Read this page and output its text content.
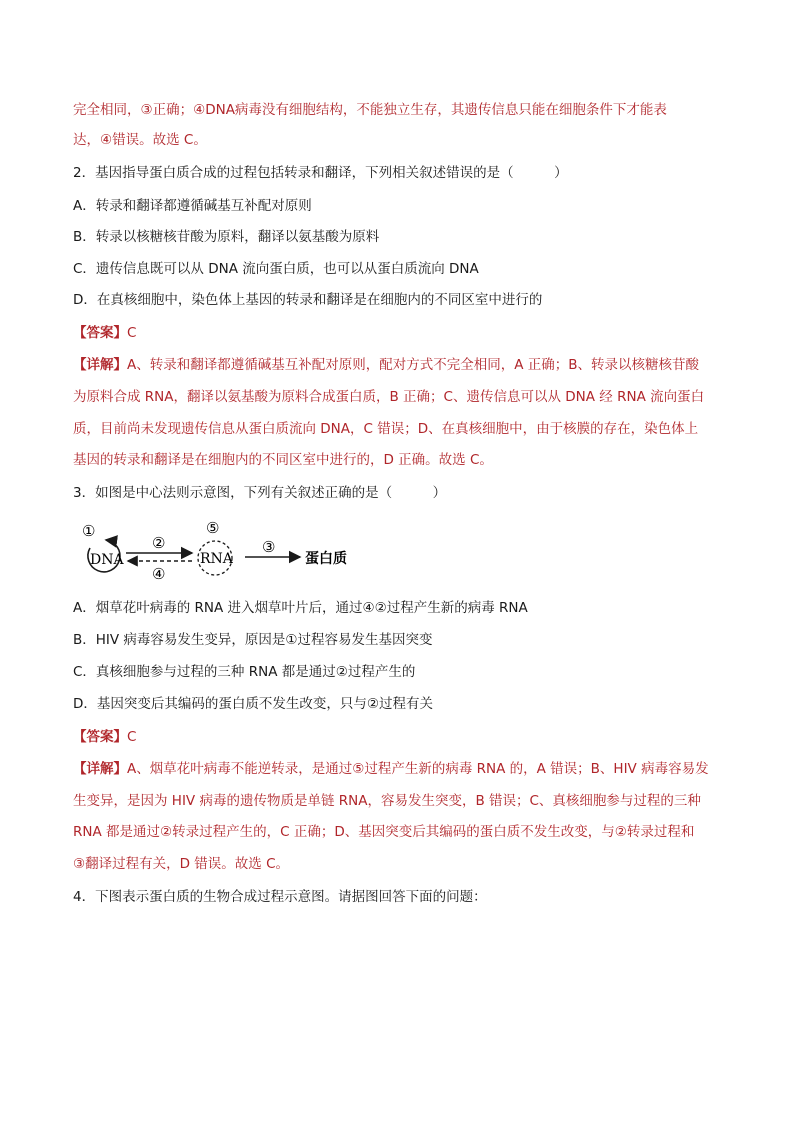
完全相同，③正确；④DNA病毒没有细胞结构，不能独立生存，其遗传信息只能在细胞条件下才能表
达，④错误。故选 C。
2．基因指导蛋白质合成的过程包括转录和翻译，下列相关叙述错误的是（　　　）
A．转录和翻译都遵循碱基互补配对原则
B．转录以核糖核苷酸为原料，翻译以氨基酸为原料
C．遗传信息既可以从 DNA 流向蛋白质，也可以从蛋白质流向 DNA
D．在真核细胞中，染色体上基因的转录和翻译是在细胞内的不同区室中进行的
【答案】C
【详解】A、转录和翻译都遵循碱基互补配对原则，配对方式不完全相同，A 正确；B、转录以核糖核苷酸
为原料合成 RNA，翻译以氨基酸为原料合成蛋白质，B 正确；C、遗传信息可以从 DNA 经 RNA 流向蛋白
质，目前尚未发现遗传信息从蛋白质流向 DNA，C 错误；D、在真核细胞中，由于核膜的存在，染色体上
基因的转录和翻译是在细胞内的不同区室中进行的，D 正确。故选 C。
3．如图是中心法则示意图，下列有关叙述正确的是（　　　）
①
DNA
②
④
⑤
RNA
③
蛋白质
A．烟草花叶病毒的 RNA 进入烟草叶片后，通过④②过程产生新的病毒 RNA
B．HIV 病毒容易发生变异，原因是①过程容易发生基因突变
C．真核细胞参与过程的三种 RNA 都是通过②过程产生的
D．基因突变后其编码的蛋白质不发生改变，只与②过程有关
【答案】C
【详解】A、烟草花叶病毒不能逆转录，是通过⑤过程产生新的病毒 RNA 的，A 错误；B、HIV 病毒容易发
生变异，是因为 HIV 病毒的遗传物质是单链 RNA，容易发生突变，B 错误；C、真核细胞参与过程的三种
RNA 都是通过②转录过程产生的，C 正确；D、基因突变后其编码的蛋白质不发生改变，与②转录过程和
③翻译过程有关，D 错误。故选 C。
4．下图表示蛋白质的生物合成过程示意图。请据图回答下面的问题：
